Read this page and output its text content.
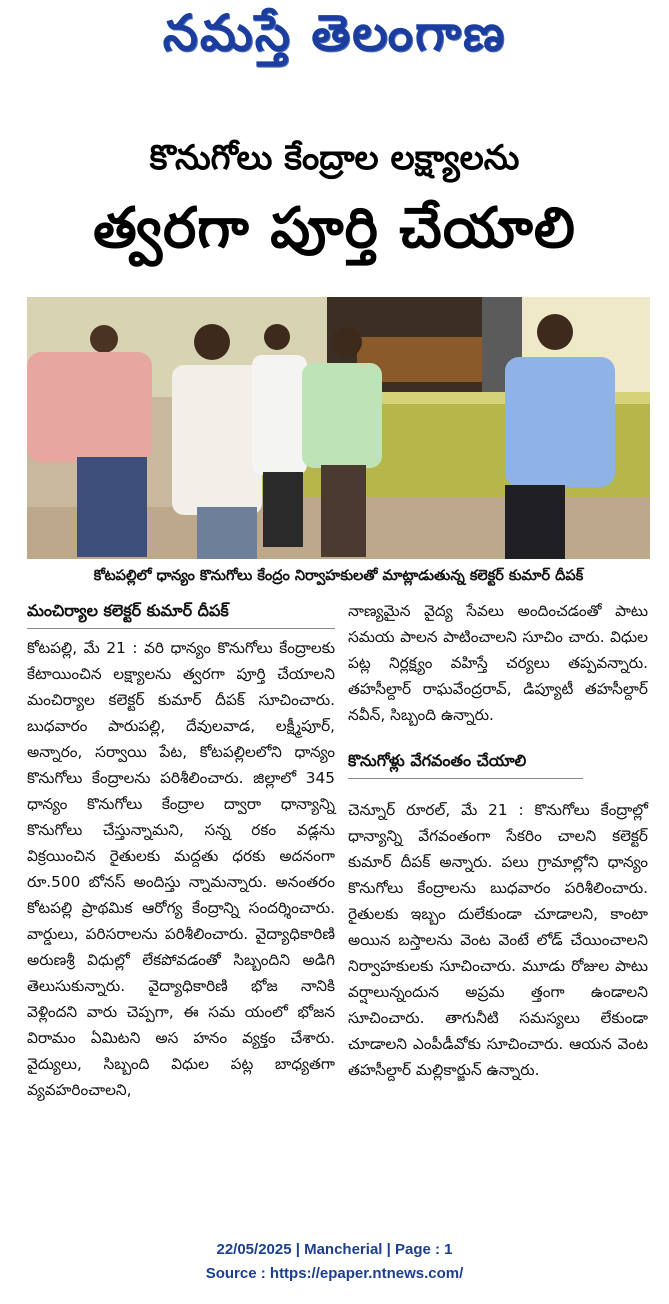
నమస్తే తెలంగాణ
కొనుగోలు కేంద్రాల లక్ష్యాలను
త్వరగా పూర్తి చేయాలి
కోటపల్లిలో ధాన్యం కొనుగోలు కేంద్రం నిర్వాహకులతో మాట్లాడుతున్న కలెక్టర్ కుమార్ దీపక్

మంచిర్యాల కలెక్టర్ కుమార్ దీపక్

కోటపల్లి, మే 21 : వరి ధాన్యం కొనుగోలు కేంద్రాలకు కేటాయించిన లక్ష్యాలను త్వరగా పూర్తి చేయాలని మంచిర్యాల కలెక్టర్ కుమార్ దీపక్ సూచించారు. బుధవారం పారుపల్లి, దేవులవాడ, లక్ష్మీపూర్, అన్నారం, సర్వాయి పేట, కోటపల్లిలలోని ధాన్యం కొనుగోలు కేంద్రాలను పరిశీలించారు. జిల్లాలో 345 ధాన్యం కొనుగోలు కేంద్రాల ద్వారా ధాన్యాన్ని కొనుగోలు చేస్తున్నామని, సన్న రకం వడ్లను విక్రయించిన రైతులకు మద్దతు ధరకు అదనంగా రూ.500 బోనస్ అందిస్తు న్నామన్నారు. అనంతరం కోటపల్లి ప్రాథమిక ఆరోగ్య కేంద్రాన్ని సందర్శించారు. వార్డులు, పరిసరాలను పరిశీలించారు. వైద్యాధికారిణి అరుణశ్రీ విధుల్లో లేకపోవడంతో సిబ్బందిని అడిగి తెలుసుకున్నారు. వైద్యాధికారిణి భోజ నానికి వెళ్లిందని వారు చెప్పగా, ఈ సమ యంలో భోజన విరామం ఏమిటని అస హనం వ్యక్తం చేశారు. వైద్యులు, సిబ్బంది విధుల పట్ల బాధ్యతగా వ్యవహరించాలని,

నాణ్యమైన వైద్య సేవలు అందించడంతో పాటు సమయ పాలన పాటించాలని సూచిం చారు. విధుల పట్ల నిర్లక్ష్యం వహిస్తే చర్యలు తప్పవన్నారు. తహసీల్దార్ రాఘవేంద్రరావ్, డిప్యూటీ తహసీల్దార్ నవీన్, సిబ్బంది ఉన్నారు.

కొనుగోళ్లు వేగవంతం చేయాలి

చెన్నూర్ రూరల్, మే 21 : కొనుగోలు కేంద్రాల్లో ధాన్యాన్ని వేగవంతంగా సేకరిం చాలని కలెక్టర్ కుమార్ దీపక్ అన్నారు. పలు గ్రామాల్లోని ధాన్యం కొనుగోలు కేంద్రాలను బుధవారం పరిశీలించారు. రైతులకు ఇబ్బం దులేకుండా చూడాలని, కాంటా అయిన బస్తాలను వెంట వెంటే లోడ్ చేయించాలని నిర్వాహకులకు సూచించారు. మూడు రోజుల పాటు వర్షాలున్నందున అప్రమ త్తంగా ఉండాలని సూచించారు. తాగునీటి సమస్యలు లేకుండా చూడాలని ఎంపీడీవోకు సూచించారు. ఆయన వెంట తహసీల్దార్ మల్లికార్జున్ ఉన్నారు.

22/05/2025 | Mancherial | Page : 1
Source : https://epaper.ntnews.com/
